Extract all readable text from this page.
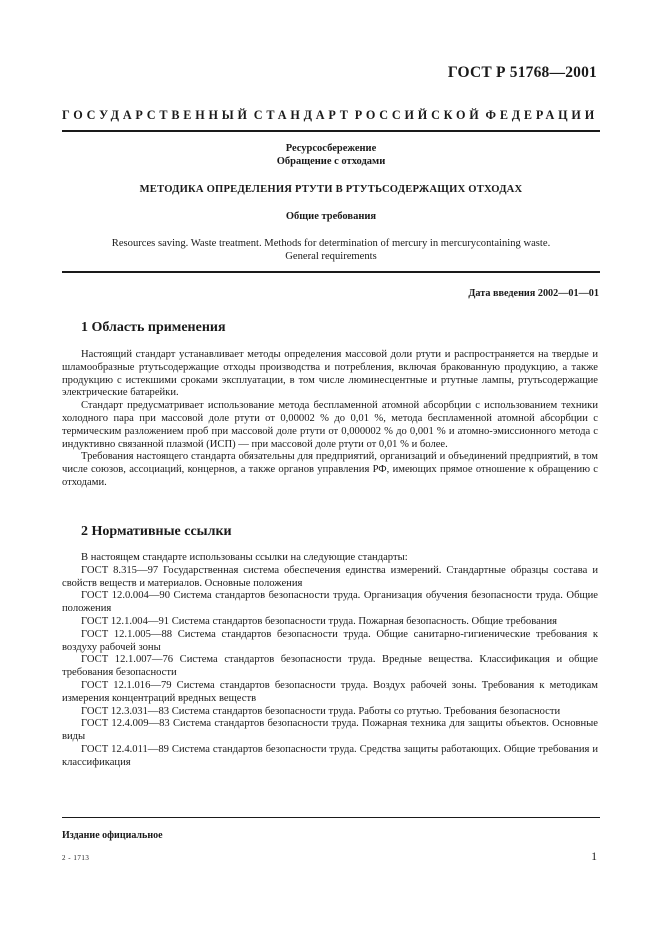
ГОСТ Р 51768—2001
ГОСУДАРСТВЕННЫЙ СТАНДАРТ РОССИЙСКОЙ ФЕДЕРАЦИИ
Ресурсосбережение
Обращение с отходами
МЕТОДИКА ОПРЕДЕЛЕНИЯ РТУТИ В РТУТЬСОДЕРЖАЩИХ ОТХОДАХ
Общие требования
Resources saving. Waste treatment. Methods for determination of mercury in mercurycontaining waste.
General requirements
Дата введения 2002—01—01
1 Область применения

Настоящий стандарт устанавливает методы определения массовой доли ртути и распространяется на твердые и шламообразные ртутьсодержащие отходы производства и потребления, включая бракованную продукцию, а также продукцию с истекшими сроками эксплуатации, в том числе люминесцентные и ртутные лампы, ртутьсодержащие электрические батарейки.

Стандарт предусматривает использование метода беспламенной атомной абсорбции с использованием техники холодного пара при массовой доле ртути от 0,00002 % до 0,01 %, метода беспламенной атомной абсорбции с термическим разложением проб при массовой доле ртути от 0,000002 % до 0,001 % и атомно-эмиссионного метода с индуктивно связанной плазмой (ИСП) — при массовой доле ртути от 0,01 % и более.

Требования настоящего стандарта обязательны для предприятий, организаций и объединений предприятий, в том числе союзов, ассоциаций, концернов, а также органов управления РФ, имеющих прямое отношение к обращению с отходами.

2 Нормативные ссылки

В настоящем стандарте использованы ссылки на следующие стандарты:

ГОСТ 8.315—97 Государственная система обеспечения единства измерений. Стандартные образцы состава и свойств веществ и материалов. Основные положения

ГОСТ 12.0.004—90 Система стандартов безопасности труда. Организация обучения безопасности труда. Общие положения

ГОСТ 12.1.004—91 Система стандартов безопасности труда. Пожарная безопасность. Общие требования

ГОСТ 12.1.005—88 Система стандартов безопасности труда. Общие санитарно-гигиенические требования к воздуху рабочей зоны

ГОСТ 12.1.007—76 Система стандартов безопасности труда. Вредные вещества. Классификация и общие требования безопасности

ГОСТ 12.1.016—79 Система стандартов безопасности труда. Воздух рабочей зоны. Требования к методикам измерения концентраций вредных веществ

ГОСТ 12.3.031—83 Система стандартов безопасности труда. Работы со ртутью. Требования безопасности

ГОСТ 12.4.009—83 Система стандартов безопасности труда. Пожарная техника для защиты объектов. Основные виды

ГОСТ 12.4.011—89 Система стандартов безопасности труда. Средства защиты работающих. Общие требования и классификация

Издание официальное
2 - 1713	1
